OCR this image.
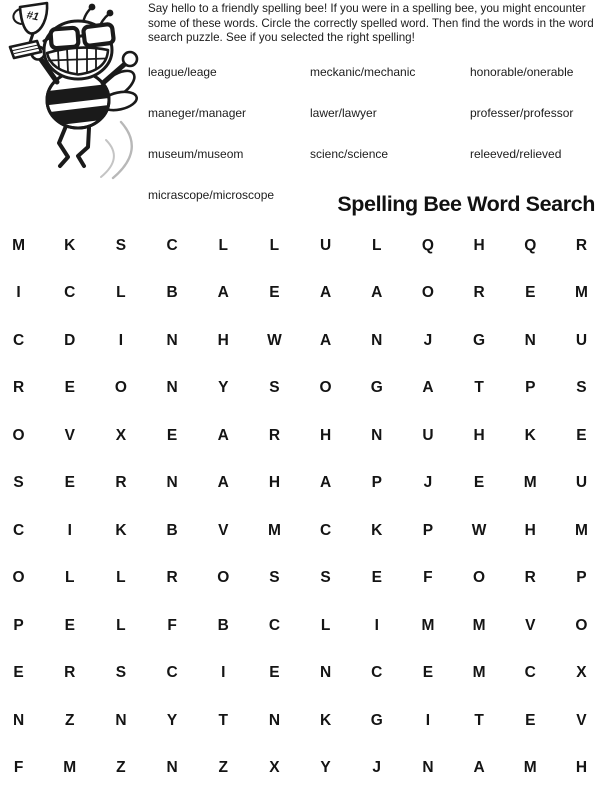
#1

Say hello to a friendly spelling bee! If you were in a spelling bee, you might encounter some of these words. Circle the correctly spelled word. Then find the words in the word search puzzle. See if you selected the right spelling!

league/leage
maneger/manager
museum/museom
micrascope/microscope
meckanic/mechanic
lawer/lawyer
scienc/science
honorable/onerable
professer/professor
releeved/relieved
Spelling Bee Word Search
M	K	S	C	L	L	U	L	Q	H	Q	R
I	C	L	B	A	E	A	A	O	R	E	M
C	D	I	N	H	W	A	N	J	G	N	U
R	E	O	N	Y	S	O	G	A	T	P	S
O	V	X	E	A	R	H	N	U	H	K	E
S	E	R	N	A	H	A	P	J	E	M	U
C	I	K	B	V	M	C	K	P	W	H	M
O	L	L	R	O	S	S	E	F	O	R	P
P	E	L	F	B	C	L	I	M	M	V	O
E	R	S	C	I	E	N	C	E	M	C	X
N	Z	N	Y	T	N	K	G	I	T	E	V
F	M	Z	N	Z	X	Y	J	N	A	M	H
